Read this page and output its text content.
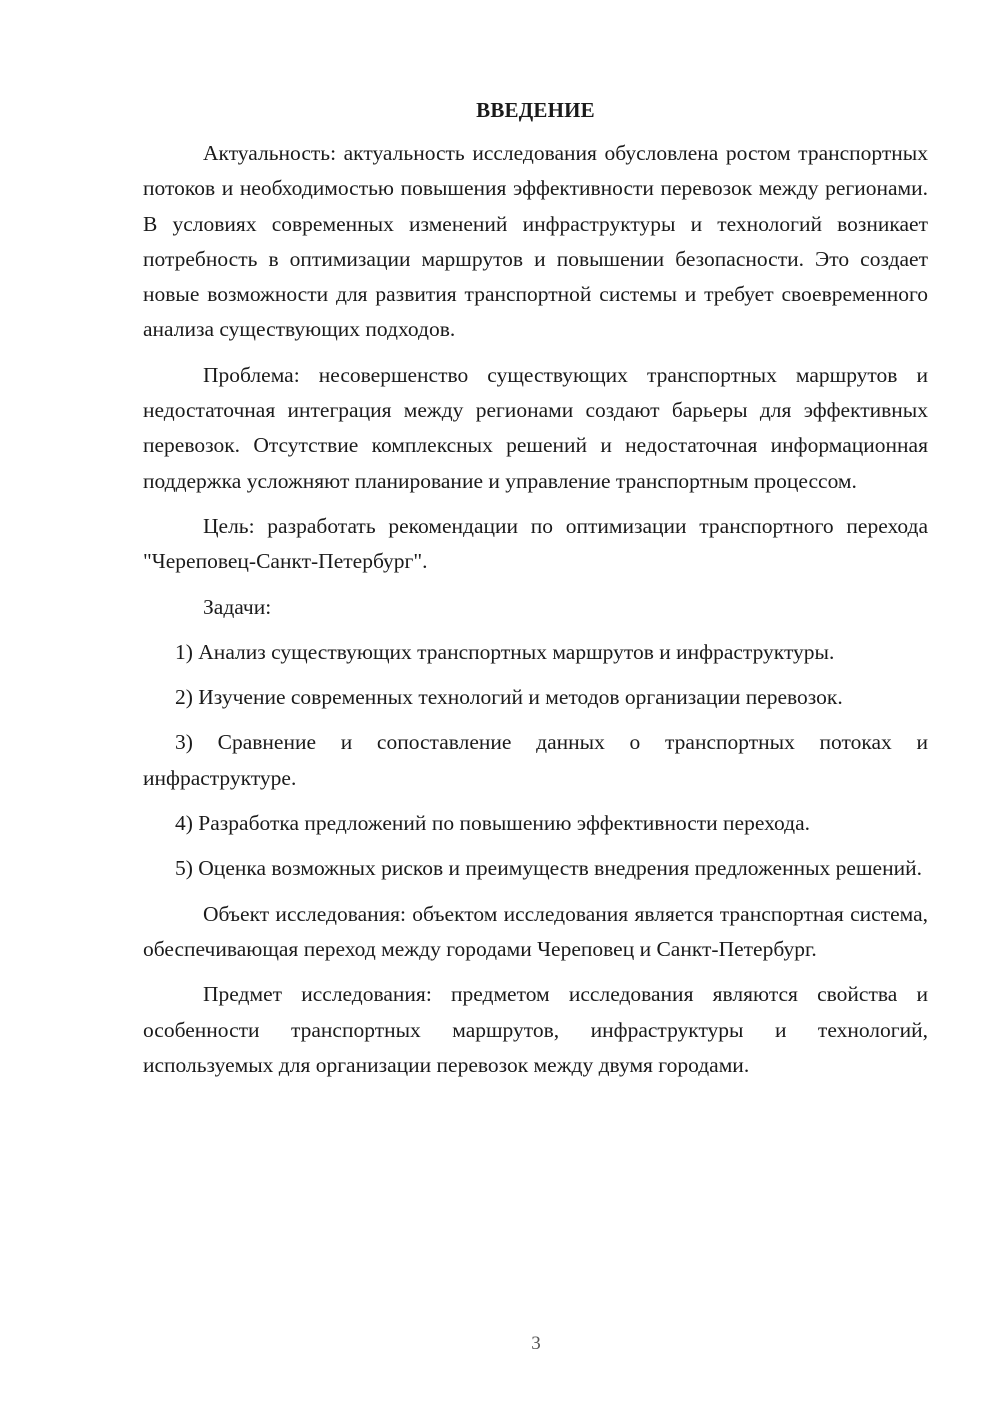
ВВЕДЕНИЕ

Актуальность: актуальность исследования обусловлена ростом транспортных потоков и необходимостью повышения эффективности перевозок между регионами. В условиях современных изменений инфраструктуры и технологий возникает потребность в оптимизации маршрутов и повышении безопасности. Это создает новые возможности для развития транспортной системы и требует своевременного анализа существующих подходов.

Проблема: несовершенство существующих транспортных маршрутов и недостаточная интеграция между регионами создают барьеры для эффективных перевозок. Отсутствие комплексных решений и недостаточная информационная поддержка усложняют планирование и управление транспортным процессом.

Цель: разработать рекомендации по оптимизации транспортного перехода "Череповец-Санкт-Петербург".

Задачи:

1) Анализ существующих транспортных маршрутов и инфраструктуры.

2) Изучение современных технологий и методов организации перевозок.

3) Сравнение и сопоставление данных о транспортных потоках и инфраструктуре.

4) Разработка предложений по повышению эффективности перехода.

5) Оценка возможных рисков и преимуществ внедрения предложенных решений.

Объект исследования: объектом исследования является транспортная система, обеспечивающая переход между городами Череповец и Санкт-Петербург.

Предмет исследования: предметом исследования являются свойства и особенности транспортных маршрутов, инфраструктуры и технологий, используемых для организации перевозок между двумя городами.

3
